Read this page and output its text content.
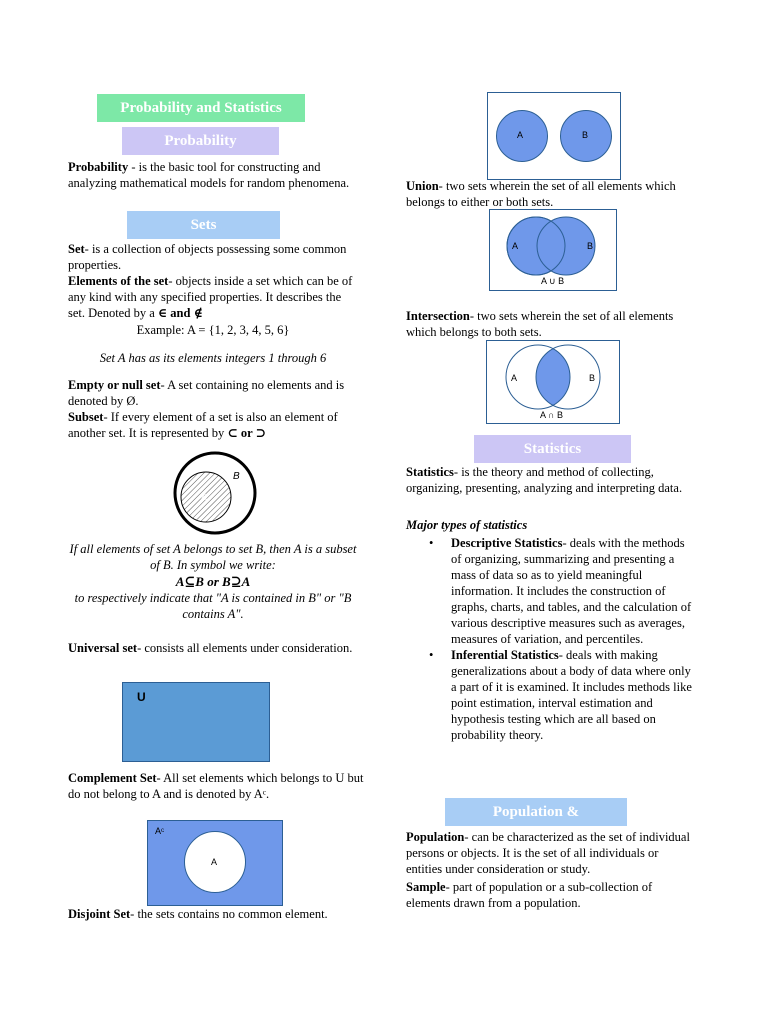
Probability and Statistics
Probability
Probability - is the basic tool for constructing and analyzing mathematical models for random phenomena.
Sets
Set- is a collection of objects possessing some common properties.
Elements of the set- objects inside a set which can be of any kind with any specified properties. It describes the set. Denoted by a ∈ and ∉
Example: A = {1, 2, 3, 4, 5, 6}
Set A has as its elements integers 1 through 6
Empty or null set- A set containing no elements and is denoted by Ø.
Subset- If every element of a set is also an element of another set. It is represented by ⊂ or ⊃
B
A
If all elements of set A belongs to set B, then A is a subset of B. In symbol we write:
A⊆B or B⊇A
to respectively indicate that "A is contained in B" or "B contains A".
Universal set- consists all elements under consideration.
U
Complement Set- All set elements which belongs to U but do not belong to A and is denoted by Aᶜ.
Aᶜ
A
Disjoint Set- the sets contains no common element.
A	B
Union- two sets wherein the set of all elements which belongs to either or both sets.
A	B
A ∪ B
Intersection- two sets wherein the set of all elements which belongs to both sets.
A	B
A ∩ B
Statistics
Statistics- is the theory and method of collecting, organizing, presenting, analyzing and interpreting data.
Major types of statistics
• Descriptive Statistics- deals with the methods of organizing, summarizing and presenting a mass of data so as to yield meaningful information. It includes the construction of graphs, charts, and tables, and the calculation of various descriptive measures such as averages, measures of variation, and percentiles.
• Inferential Statistics- deals with making generalizations about a body of data where only a part of it is examined. It includes methods like point estimation, interval estimation and hypothesis testing which are all based on probability theory.
Population &
Population- can be characterized as the set of individual persons or objects. It is the set of all individuals or entities under consideration or study.
Sample- part of population or a sub-collection of elements drawn from a population.
